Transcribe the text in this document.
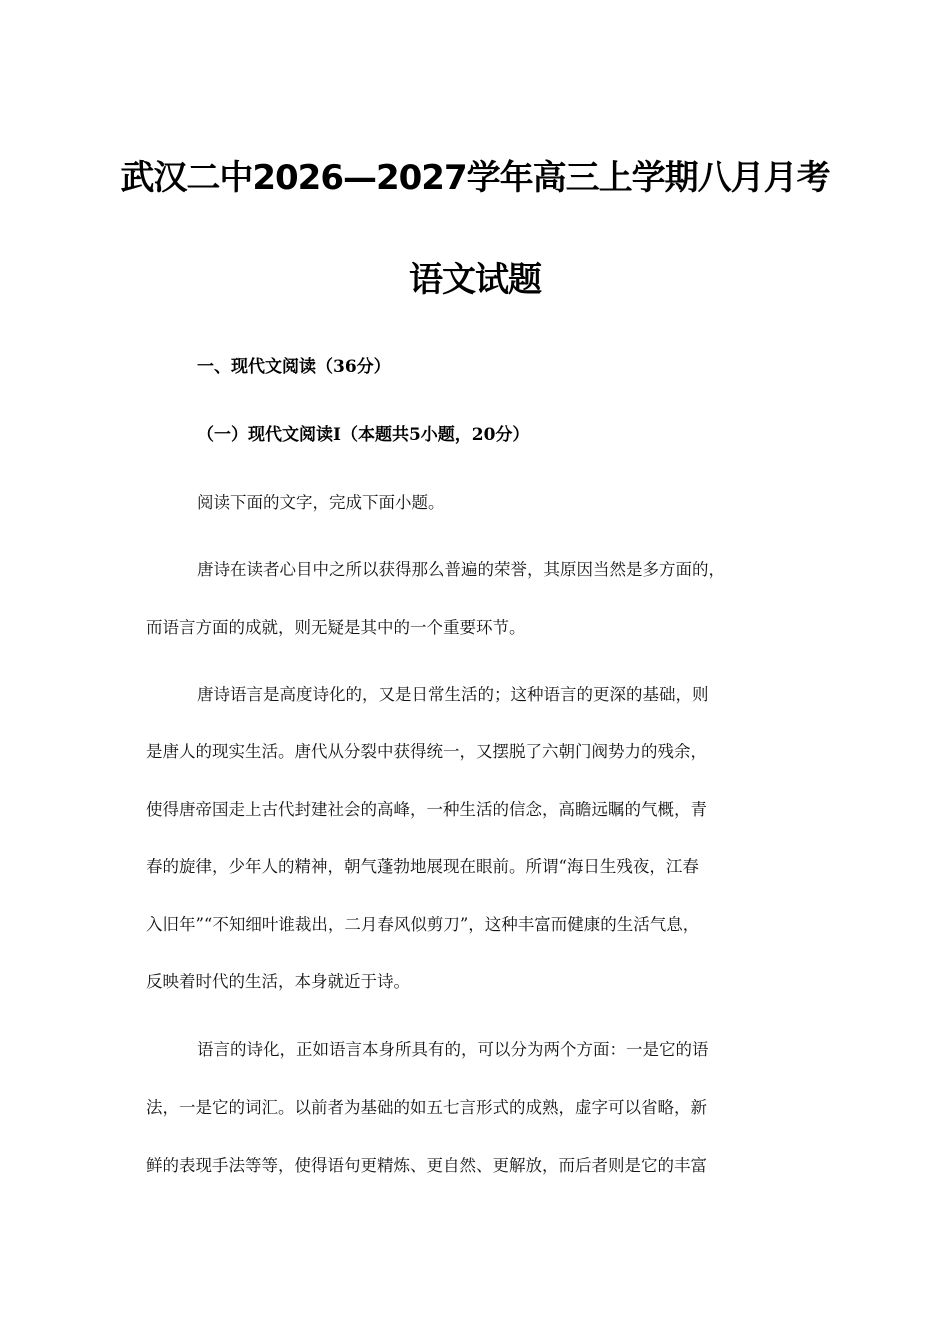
武汉二中2026—2027学年高三上学期八月月考
语文试题
一、现代文阅读（36分）
（一）现代文阅读Ⅰ（本题共5小题，20分）
阅读下面的文字，完成下面小题。
唐诗在读者心目中之所以获得那么普遍的荣誉，其原因当然是多方面的，
而语言方面的成就，则无疑是其中的一个重要环节。
唐诗语言是高度诗化的，又是日常生活的；这种语言的更深的基础，则
是唐人的现实生活。唐代从分裂中获得统一，又摆脱了六朝门阀势力的残余，
使得唐帝国走上古代封建社会的高峰，一种生活的信念，高瞻远瞩的气概，青
春的旋律，少年人的精神，朝气蓬勃地展现在眼前。所谓“海日生残夜，江春
入旧年”“不知细叶谁裁出，二月春风似剪刀”，这种丰富而健康的生活气息，
反映着时代的生活，本身就近于诗。
语言的诗化，正如语言本身所具有的，可以分为两个方面：一是它的语
法，一是它的词汇。以前者为基础的如五七言形式的成熟，虚字可以省略，新
鲜的表现手法等等，使得语句更精炼、更自然、更解放，而后者则是它的丰富
